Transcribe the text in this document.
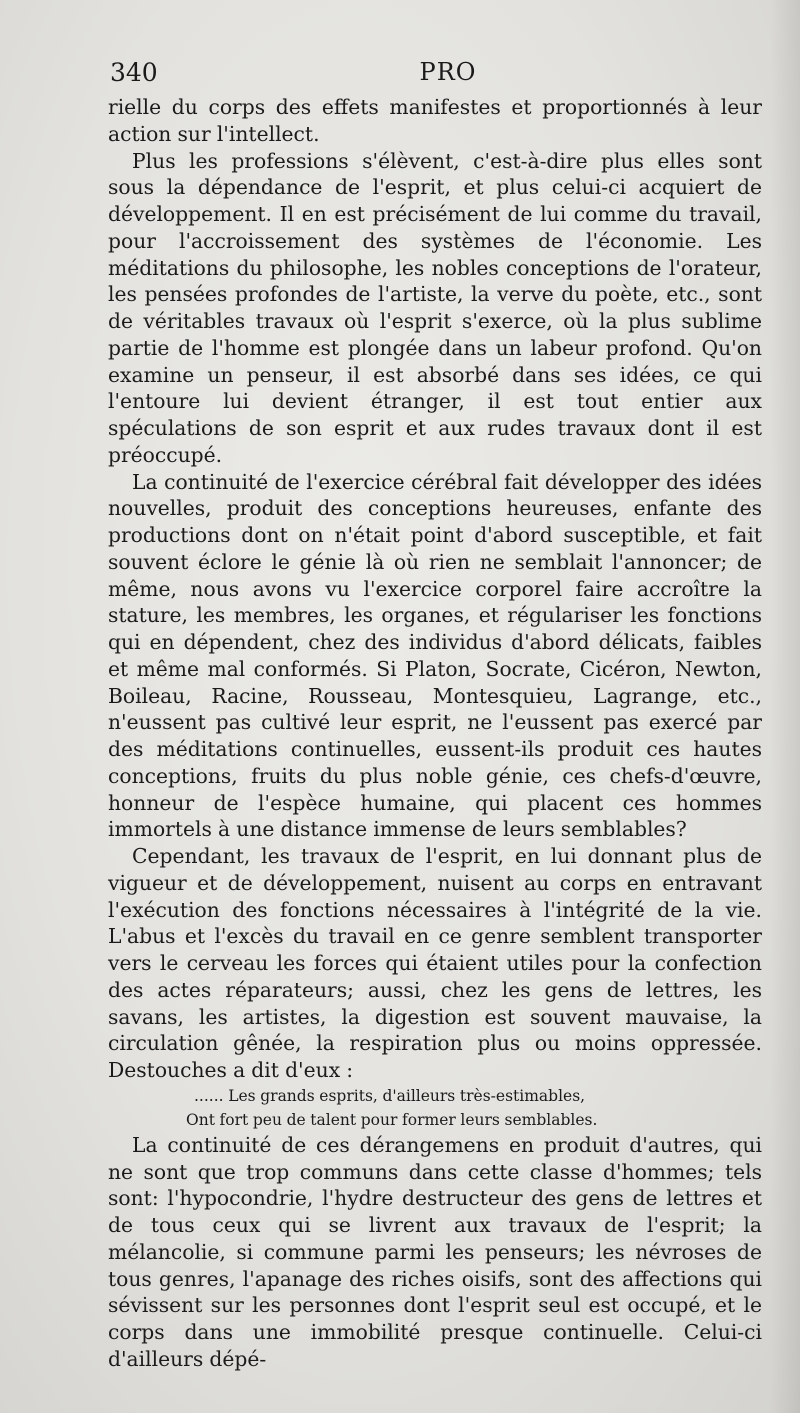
340	PRO

rielle du corps des effets manifestes et proportionnés à leur action sur l'intellect.

Plus les professions s'élèvent, c'est-à-dire plus elles sont sous la dépendance de l'esprit, et plus celui-ci acquiert de développement. Il en est précisément de lui comme du travail, pour l'accroissement des systèmes de l'économie. Les méditations du philosophe, les nobles conceptions de l'orateur, les pensées profondes de l'artiste, la verve du poète, etc., sont de véritables travaux où l'esprit s'exerce, où la plus sublime partie de l'homme est plongée dans un labeur profond. Qu'on examine un penseur, il est absorbé dans ses idées, ce qui l'entoure lui devient étranger, il est tout entier aux spéculations de son esprit et aux rudes travaux dont il est préoccupé.

La continuité de l'exercice cérébral fait développer des idées nouvelles, produit des conceptions heureuses, enfante des productions dont on n'était point d'abord susceptible, et fait souvent éclore le génie là où rien ne semblait l'annoncer; de même, nous avons vu l'exercice corporel faire accroître la stature, les membres, les organes, et régulariser les fonctions qui en dépendent, chez des individus d'abord délicats, faibles et même mal conformés. Si Platon, Socrate, Cicéron, Newton, Boileau, Racine, Rousseau, Montesquieu, Lagrange, etc., n'eussent pas cultivé leur esprit, ne l'eussent pas exercé par des méditations continuelles, eussent-ils produit ces hautes conceptions, fruits du plus noble génie, ces chefs-d'œuvre, honneur de l'espèce humaine, qui placent ces hommes immortels à une distance immense de leurs semblables?

Cependant, les travaux de l'esprit, en lui donnant plus de vigueur et de développement, nuisent au corps en entravant l'exécution des fonctions nécessaires à l'intégrité de la vie. L'abus et l'excès du travail en ce genre semblent transporter vers le cerveau les forces qui étaient utiles pour la confection des actes réparateurs; aussi, chez les gens de lettres, les savans, les artistes, la digestion est souvent mauvaise, la circulation gênée, la respiration plus ou moins oppressée. Destouches a dit d'eux :

...... Les grands esprits, d'ailleurs très-estimables,

Ont fort peu de talent pour former leurs semblables.

La continuité de ces dérangemens en produit d'autres, qui ne sont que trop communs dans cette classe d'hommes; tels sont: l'hypocondrie, l'hydre destructeur des gens de lettres et de tous ceux qui se livrent aux travaux de l'esprit; la mélancolie, si commune parmi les penseurs; les névroses de tous genres, l'apanage des riches oisifs, sont des affections qui sévissent sur les personnes dont l'esprit seul est occupé, et le corps dans une immobilité presque continuelle. Celui-ci d'ailleurs dépé-
